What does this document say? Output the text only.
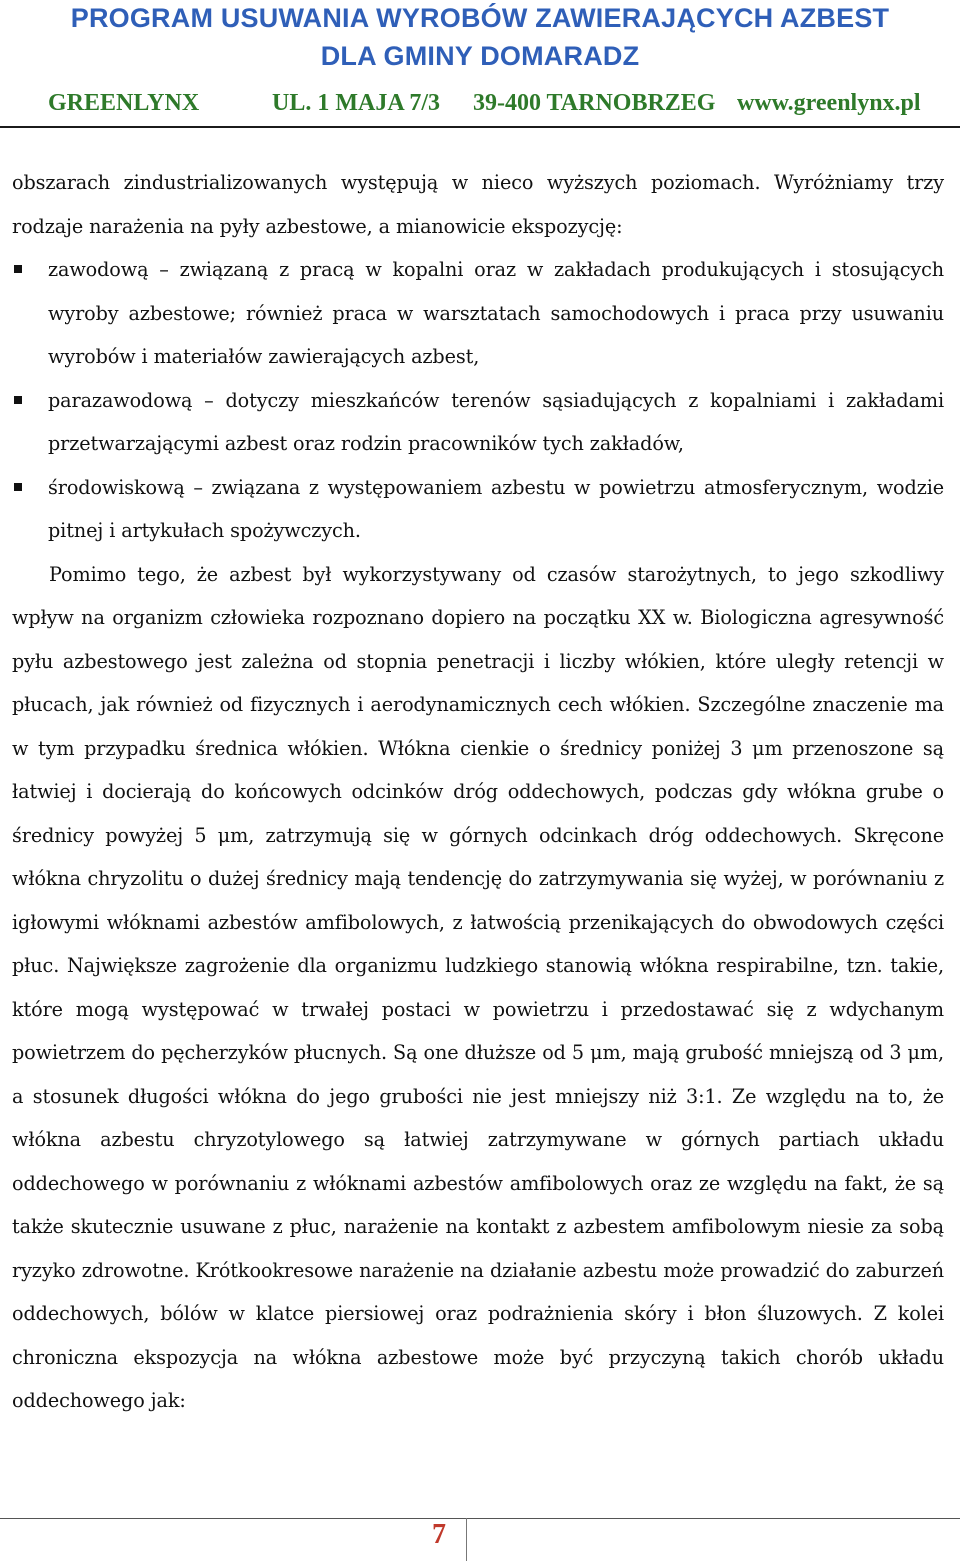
PROGRAM USUWANIA WYROBÓW ZAWIERAJĄCYCH AZBEST
DLA GMINY DOMARADZ
GREENLYNX	UL. 1 MAJA 7/3 39-400 TARNOBRZEG www.greenlynx.pl

obszarach zindustrializowanych występują w nieco wyższych poziomach. Wyróżniamy trzy rodzaje narażenia na pyły azbestowe, a mianowicie ekspozycję:

zawodową – związaną z pracą w kopalni oraz w zakładach produkujących i stosujących wyroby azbestowe; również praca w warsztatach samochodowych i praca przy usuwaniu wyrobów i materiałów zawierających azbest,
parazawodową – dotyczy mieszkańców terenów sąsiadujących z kopalniami i zakładami przetwarzającymi azbest oraz rodzin pracowników tych zakładów,
środowiskową – związana z występowaniem azbestu w powietrzu atmosferycznym, wodzie pitnej i artykułach spożywczych.

Pomimo tego, że azbest był wykorzystywany od czasów starożytnych, to jego szkodliwy wpływ na organizm człowieka rozpoznano dopiero na początku XX w. Biologiczna agresywność pyłu azbestowego jest zależna od stopnia penetracji i liczby włókien, które uległy retencji w płucach, jak również od fizycznych i aerodynamicznych cech włókien. Szczególne znaczenie ma w tym przypadku średnica włókien. Włókna cienkie o średnicy poniżej 3 μm przenoszone są łatwiej i docierają do końcowych odcinków dróg oddechowych, podczas gdy włókna grube o średnicy powyżej 5 μm, zatrzymują się w górnych odcinkach dróg oddechowych. Skręcone włókna chryzolitu o dużej średnicy mają tendencję do zatrzymywania się wyżej, w porównaniu z igłowymi włóknami azbestów amfibolowych, z łatwością przenikających do obwodowych części płuc. Największe zagrożenie dla organizmu ludzkiego stanowią włókna respirabilne, tzn. takie, które mogą występować w trwałej postaci w powietrzu i przedostawać się z wdychanym powietrzem do pęcherzyków płucnych. Są one dłuższe od 5 μm, mają grubość mniejszą od 3 μm, a stosunek długości włókna do jego grubości nie jest mniejszy niż 3:1. Ze względu na to, że włókna azbestu chryzotylowego są łatwiej zatrzymywane w górnych partiach układu oddechowego w porównaniu z włóknami azbestów amfibolowych oraz ze względu na fakt, że są także skutecznie usuwane z płuc, narażenie na kontakt z azbestem amfibolowym niesie za sobą ryzyko zdrowotne. Krótkookresowe narażenie na działanie azbestu może prowadzić do zaburzeń oddechowych, bólów w klatce piersiowej oraz podrażnienia skóry i błon śluzowych. Z kolei chroniczna ekspozycja na włókna azbestowe może być przyczyną takich chorób układu oddechowego jak:

7
